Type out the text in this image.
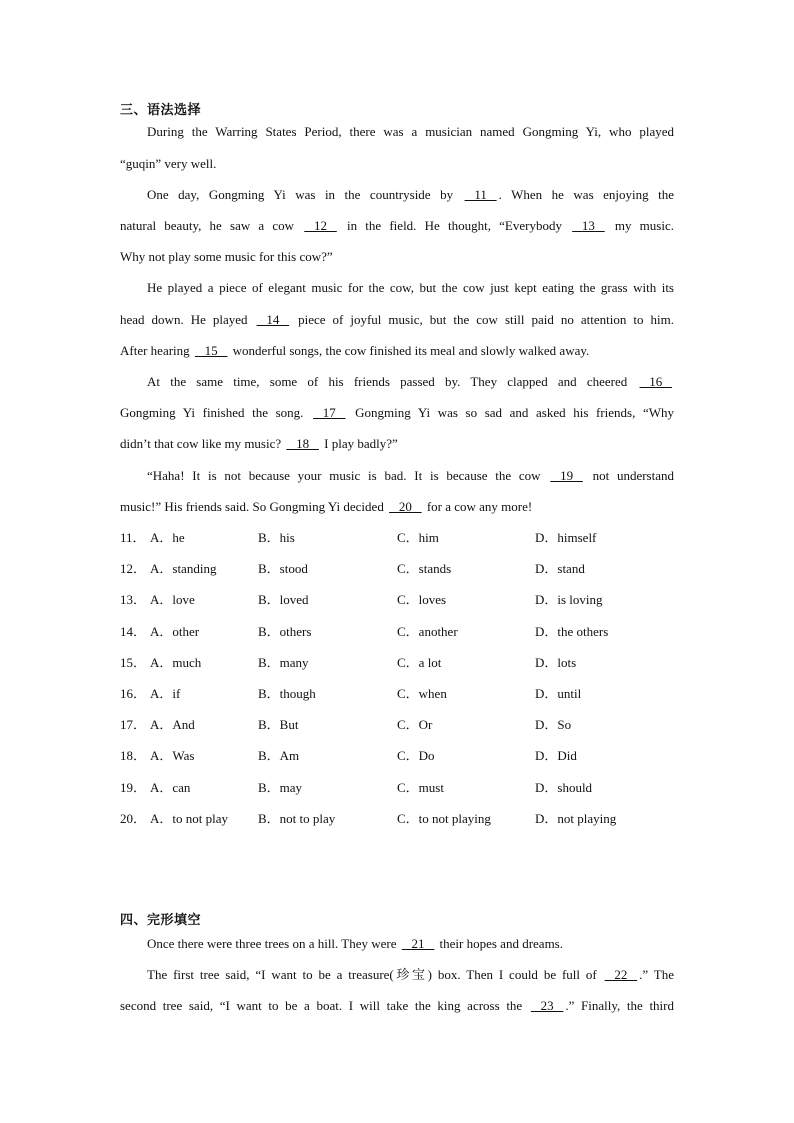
三、语法选择
During the Warring States Period, there was a musician named Gongming Yi, who played
“guqin” very well.
One day, Gongming Yi was in the countryside by    11   . When he was enjoying the
natural beauty, he saw a cow    12    in the field. He thought, “Everybody    13    my music.
Why not play some music for this cow?”
He played a piece of elegant music for the cow, but the cow just kept eating the grass with its
head down. He played    14    piece of joyful music, but the cow still paid no attention to him.
After hearing    15    wonderful songs, the cow finished its meal and slowly walked away.
At the same time, some of his friends passed by. They clapped and cheered    16
Gongming Yi finished the song.    17    Gongming Yi was so sad and asked his friends, “Why
didn’t that cow like my music?    18    I play badly?”
“Haha! It is not because your music is bad. It is because the cow    19    not understand
music!” His friends said. So Gongming Yi decided    20    for a cow any more!
11． A．he	B．his	C．him	D．himself
12． A．standing	B．stood	C．stands	D．stand
13． A．love	B．loved	C．loves	D．is loving
14． A．other	B．others	C．another	D．the others
15． A．much	B．many	C．a lot	D．lots
16． A．if	B．though	C．when	D．until
17． A．And	B．But	C．Or	D．So
18． A．Was	B．Am	C．Do	D．Did
19． A．can	B．may	C．must	D．should
20． A．to not play B．not to play	C．to not playing	D．not playing
四、完形填空
Once there were three trees on a hill. They were    21    their hopes and dreams.
The first tree said, “I want to be a treasure(珍宝) box. Then I could be full of    22   .” The
second tree said, “I want to be a boat. I will take the king across the    23   .” Finally, the third
